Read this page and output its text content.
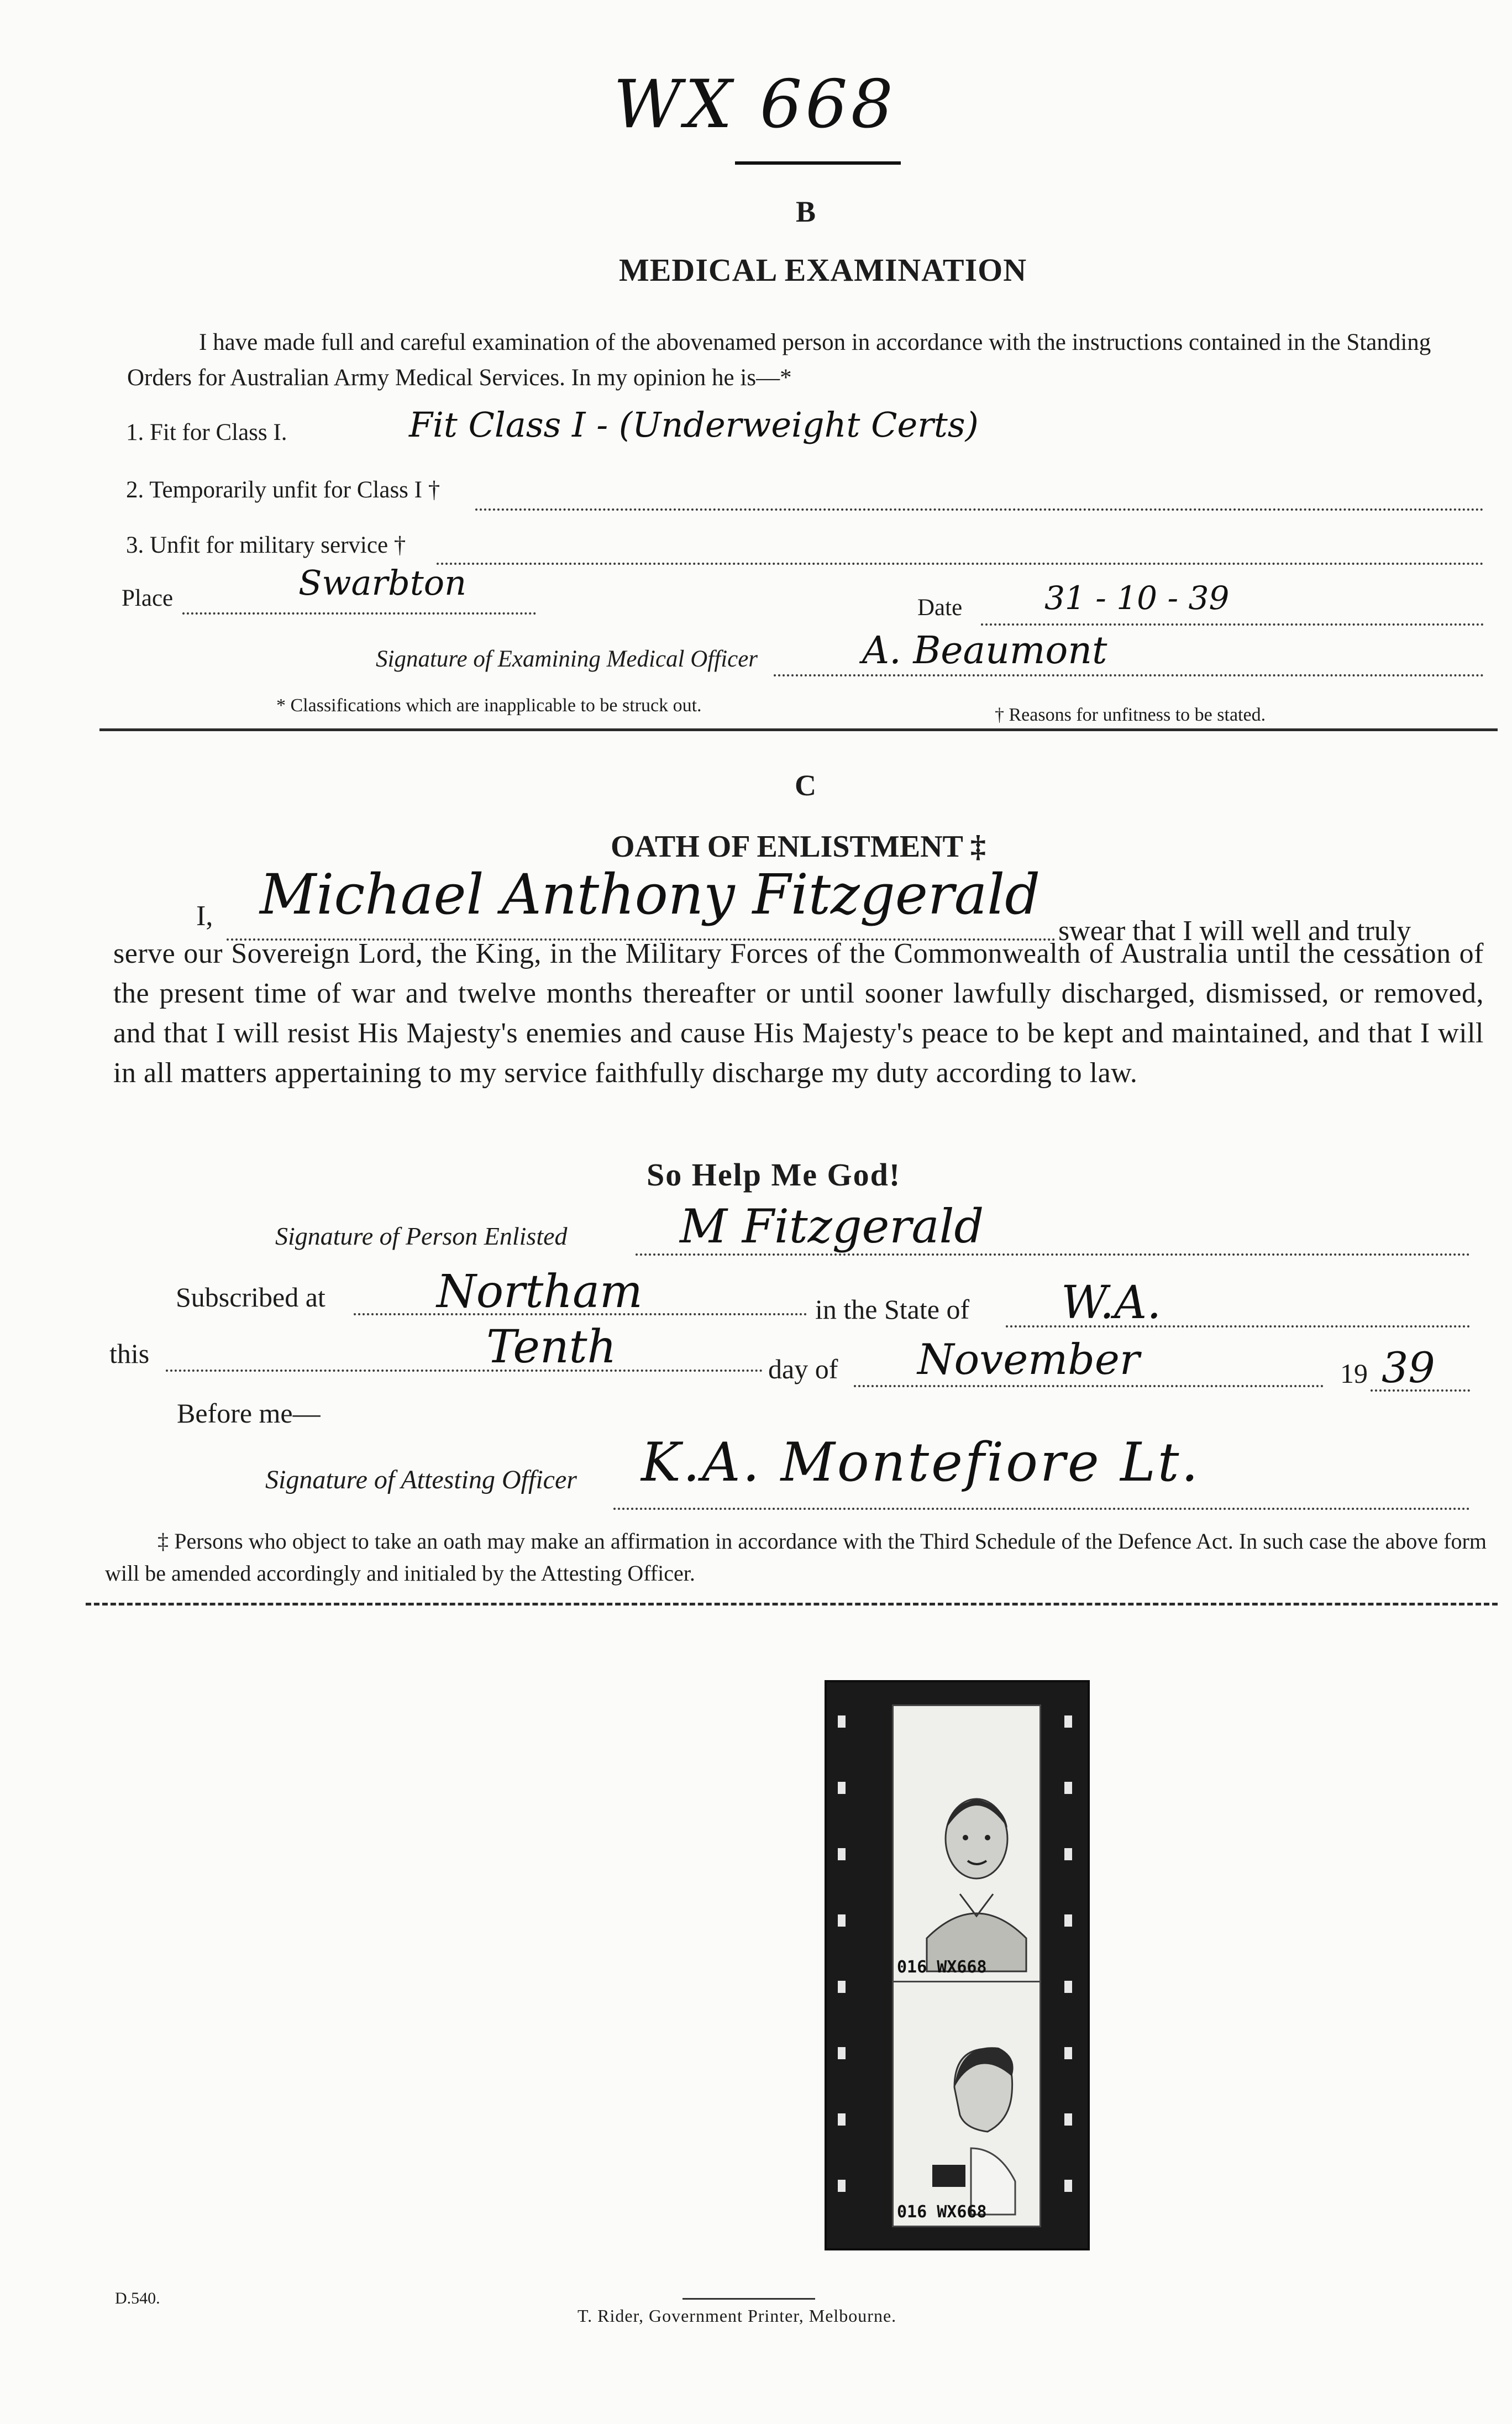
WX 668
B
MEDICAL EXAMINATION
I have made full and careful examination of the abovenamed person in accordance with the instructions contained in the Standing Orders for Australian Army Medical Services. In my opinion he is—*
1. Fit for Class I.	Fit Class I - (Underweight Certs)
2. Temporarily unfit for Class I †
3. Unfit for military service †
Place	Swarbton
Date	31 - 10 - 39
Signature of Examining Medical Officer	A. Beaumont
* Classifications which are inapplicable to be struck out.	† Reasons for unfitness to be stated.
C
OATH OF ENLISTMENT ‡
I, Michael Anthony Fitzgerald
swear that I will well and truly
serve our Sovereign Lord, the King, in the Military Forces of the Commonwealth of Australia until the cessation of the present time of war and twelve months thereafter or until sooner lawfully discharged, dismissed, or removed, and that I will resist His Majesty's enemies and cause His Majesty's peace to be kept and maintained, and that I will in all matters appertaining to my service faithfully discharge my duty according to law.
So Help Me God!
Signature of Person Enlisted M Fitzgerald
Subscribed at Northam	in the State of W.A.
this	Tenth	day of November	19 39
Before me—
Signature of Attesting Officer K.A. Montefiore Lt.
‡ Persons who object to take an oath may make an affirmation in accordance with the Third Schedule of the Defence Act. In such case the above form will be amended accordingly and initialed by the Attesting Officer.
016 WX668
016 WX668
D.540.
T. Rider, Government Printer, Melbourne.
